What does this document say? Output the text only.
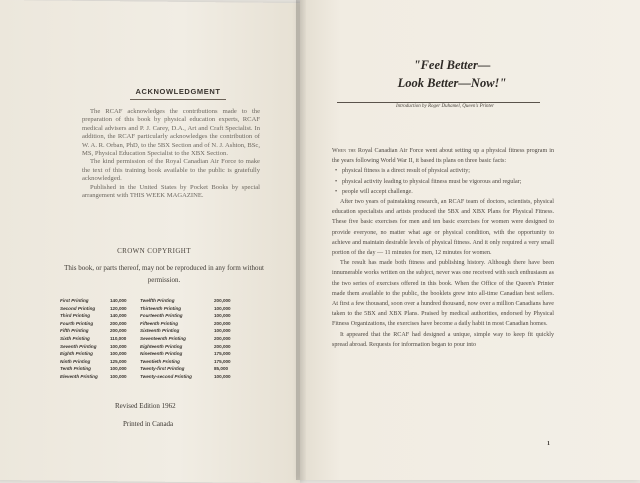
ACKNOWLEDGMENT

The RCAF acknowledges the contributions made to the preparation of this book by physical education experts, RCAF medical advisers and P. J. Carey, D.A., Art and Craft Specialist. In addition, the RCAF particularly acknowledges the contribution of W. A. R. Orban, PhD, to the 5BX Section and of N. J. Ashton, BSc, MS, Physical Education Specialist to the XBX Section.

The kind permission of the Royal Canadian Air Force to make the text of this training book available to the public is gratefully acknowledged.

Published in the United States by Pocket Books by special arrangement with THIS WEEK MAGAZINE.

CROWN COPYRIGHT
This book, or parts thereof, may not be reproduced in any form without permission.
First Printing	140,000	Twelfth Printing	200,000
Second Printing	120,000	Thirteenth Printing	100,000
Third Printing	140,000	Fourteenth Printing	100,000
Fourth Printing	200,000	Fifteenth Printing	200,000
Fifth Printing	200,000	Sixteenth Printing	100,000
Sixth Printing	110,000	Seventeenth Printing	200,000
Seventh Printing	100,000	Eighteenth Printing	200,000
Eighth Printing	100,000	Nineteenth Printing	175,000
Ninth Printing	125,000	Twentieth Printing	175,000
Tenth Printing	100,000	Twenty-first Printing	85,000
Eleventh Printing	100,000	Twenty-second Printing	100,000
Revised Edition 1962
Printed in Canada
"Feel Better—
Look Better—Now!"
Introduction by Roger Duhamel, Queen's Printer

When the Royal Canadian Air Force went about setting up a physical fitness program in the years following World War II, it based its plans on three basic facts:

• physical fitness is a direct result of physical activity;
• physical activity leading to physical fitness must be vigorous and regular;
• people will accept challenge.

After two years of painstaking research, an RCAF team of doctors, scientists, physical education specialists and artists produced the 5BX and XBX Plans for Physical Fitness. These five basic exercises for men and ten basic exercises for women were designed to provide everyone, no matter what age or physical condition, with the opportunity to achieve and maintain desirable levels of physical fitness. And it only required a very small portion of the day — 11 minutes for men, 12 minutes for women.

The result has made both fitness and publishing history. Although there have been innumerable works written on the subject, never was one received with such enthusiasm as the two series of exercises offered in this book. When the Office of the Queen's Printer made them available to the public, the booklets grew into all-time Canadian best sellers. At first a few thousand, soon over a hundred thousand, now over a million Canadians have taken to the 5BX and XBX Plans. Praised by medical authorities, endorsed by Physical Fitness Organizations, the exercises have become a daily habit in most Canadian homes.

It appeared that the RCAF had designed a unique, simple way to keep fit quickly spread abroad. Requests for information began to pour into

1
